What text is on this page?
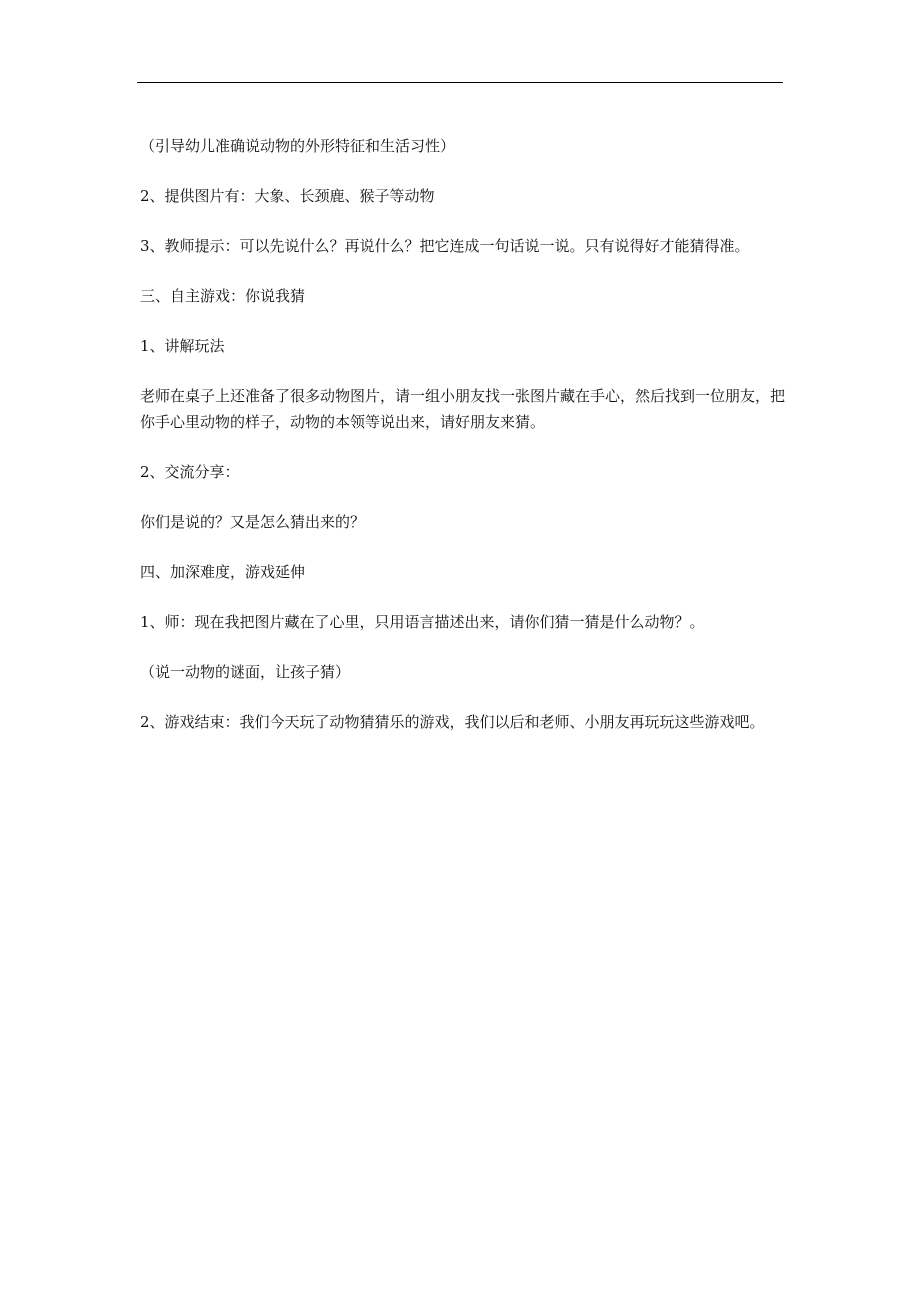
（引导幼儿准确说动物的外形特征和生活习性）

2、提供图片有：大象、长颈鹿、猴子等动物

3、教师提示：可以先说什么？再说什么？把它连成一句话说一说。只有说得好才能猜得准。

三、自主游戏：你说我猜

1、讲解玩法

老师在桌子上还准备了很多动物图片，请一组小朋友找一张图片藏在手心，然后找到一位朋友，把你手心里动物的样子，动物的本领等说出来，请好朋友来猜。

2、交流分享：

你们是说的？又是怎么猜出来的？

四、加深难度，游戏延伸

1、师：现在我把图片藏在了心里，只用语言描述出来，请你们猜一猜是什么动物？。

（说一动物的谜面，让孩子猜）

2、游戏结束：我们今天玩了动物猜猜乐的游戏，我们以后和老师、小朋友再玩玩这些游戏吧。
